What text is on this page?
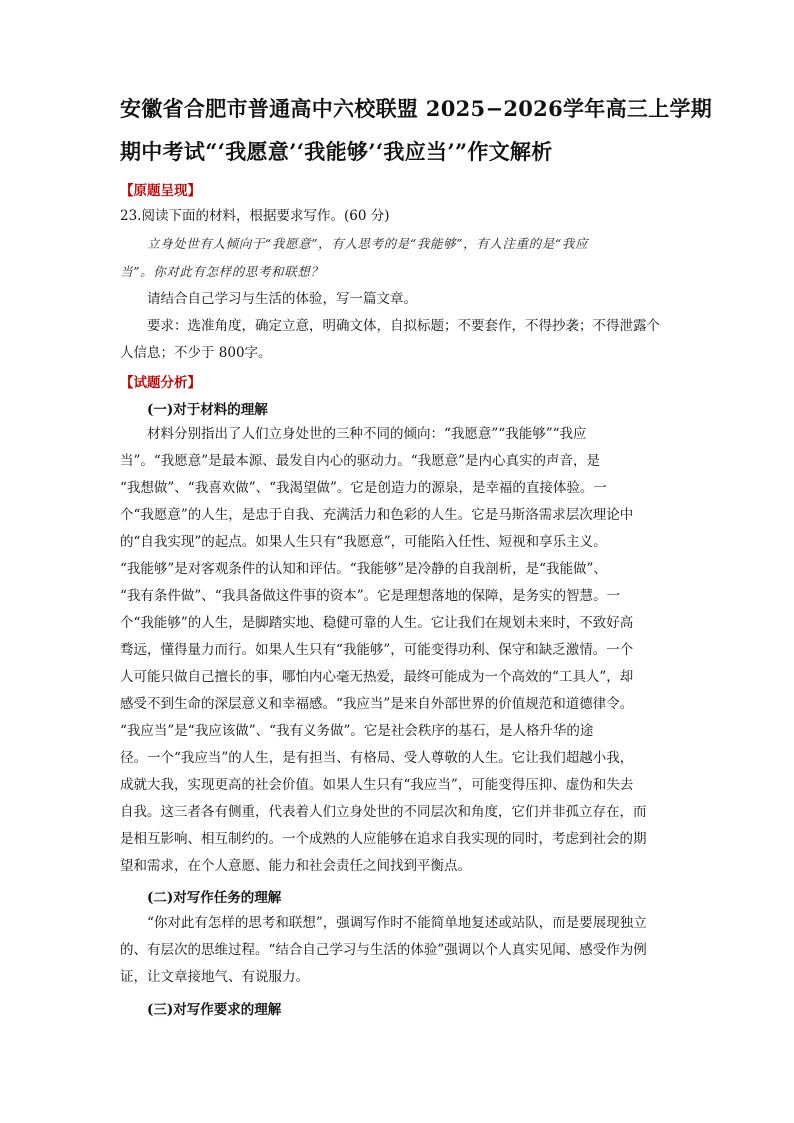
安徽省合肥市普通高中六校联盟 2025−2026学年高三上学期
期中考试“‘我愿意’‘我能够’‘我应当’”作文解析
【原题呈现】
23.阅读下面的材料，根据要求写作。(60 分)
立身处世有人倾向于“我愿意”，有人思考的是“我能够”，有人注重的是“我应
当”。你对此有怎样的思考和联想？
请结合自己学习与生活的体验，写一篇文章。
要求：选准角度，确定立意，明确文体，自拟标题；不要套作，不得抄袭；不得泄露个
人信息；不少于 800字。
【试题分析】
(一)对于材料的理解
材料分别指出了人们立身处世的三种不同的倾向：“我愿意”“我能够”“我应
当”。“我愿意”是最本源、最发自内心的驱动力。“我愿意”是内心真实的声音，是
“我想做”、“我喜欢做”、“我渴望做”。它是创造力的源泉，是幸福的直接体验。一
个“我愿意”的人生，是忠于自我、充满活力和色彩的人生。它是马斯洛需求层次理论中
的“自我实现”的起点。如果人生只有“我愿意”，可能陷入任性、短视和享乐主义。
“我能够”是对客观条件的认知和评估。“我能够”是冷静的自我剖析，是“我能做”、
“我有条件做”、“我具备做这件事的资本”。它是理想落地的保障，是务实的智慧。一
个“我能够”的人生，是脚踏实地、稳健可靠的人生。它让我们在规划未来时，不致好高
骛远，懂得量力而行。如果人生只有“我能够”，可能变得功利、保守和缺乏激情。一个
人可能只做自己擅长的事，哪怕内心毫无热爱，最终可能成为一个高效的“工具人”，却
感受不到生命的深层意义和幸福感。“我应当”是来自外部世界的价值规范和道德律令。
“我应当”是“我应该做”、“我有义务做”。它是社会秩序的基石，是人格升华的途
径。一个“我应当”的人生，是有担当、有格局、受人尊敬的人生。它让我们超越小我，
成就大我，实现更高的社会价值。如果人生只有“我应当”，可能变得压抑、虚伪和失去
自我。这三者各有侧重，代表着人们立身处世的不同层次和角度，它们并非孤立存在，而
是相互影响、相互制约的。一个成熟的人应能够在追求自我实现的同时，考虑到社会的期
望和需求，在个人意愿、能力和社会责任之间找到平衡点。
(二)对写作任务的理解
“你对此有怎样的思考和联想”，强调写作时不能简单地复述或站队，而是要展现独立
的、有层次的思维过程。“结合自己学习与生活的体验”强调以个人真实见闻、感受作为例
证，让文章接地气、有说服力。
(三)对写作要求的理解
